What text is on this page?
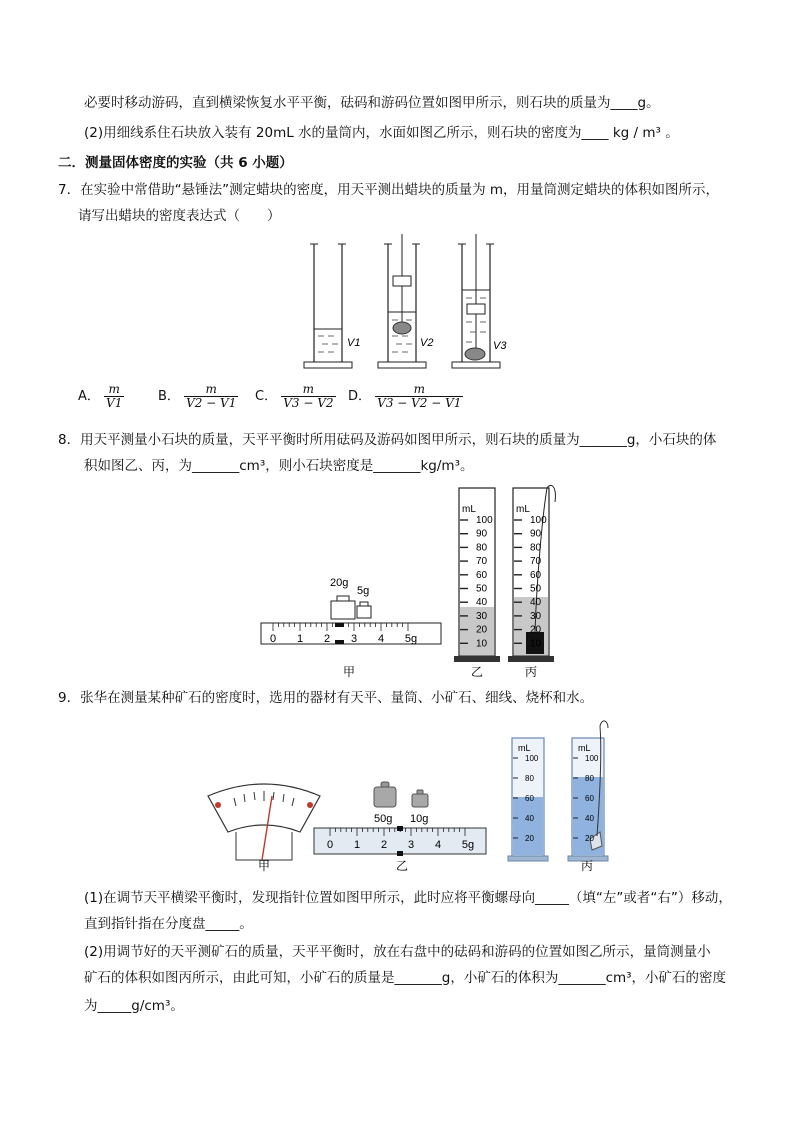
必要时移动游码，直到横梁恢复水平平衡，砝码和游码位置如图甲所示，则石块的质量为____g。
(2)用细线系住石块放入装有 20mL 水的量筒内，水面如图乙所示，则石块的密度为____ kg / m³ 。
二．测量固体密度的实验（共 6 小题）
7．在实验中常借助“悬锤法”测定蜡块的密度，用天平测出蜡块的质量为 m，用量筒测定蜡块的体积如图所示，
请写出蜡块的密度表达式（　　）
V1	V2	V3
A． $\frac{m}{V1}$	B． $\frac{m}{V2 - V1}$ C． $\frac{m}{V3 - V2}$ D． $\frac{m}{V3 - V2 - V1}$
8．用天平测量小石块的质量，天平平衡时所用砝码及游码如图甲所示，则石块的质量为_______g，小石块的体
积如图乙、丙，为_______cm³，则小石块密度是_______kg/m³。
20g
5g
0 1 2 3 4 5g
mL
100
90
80
70
60
50
40
30
20
10
mL
100
90
80
70
60
50
40
30
20
10
甲	乙	丙
9．张华在测量某种矿石的密度时，选用的器材有天平、量筒、小矿石、细线、烧杯和水。
甲
50g 10g
0 1 2 3 4 5g
乙
mL
100
80
60
40
20
mL
100
80
60
40
20
丙
(1)在调节天平横梁平衡时，发现指针位置如图甲所示，此时应将平衡螺母向_____（填“左”或者“右”）移动，
直到指针指在分度盘_____。
(2)用调节好的天平测矿石的质量，天平平衡时，放在右盘中的砝码和游码的位置如图乙所示，量筒测量小
矿石的体积如图丙所示，由此可知，小矿石的质量是_______g，小矿石的体积为_______cm³，小矿石的密度
为_____g/cm³。
